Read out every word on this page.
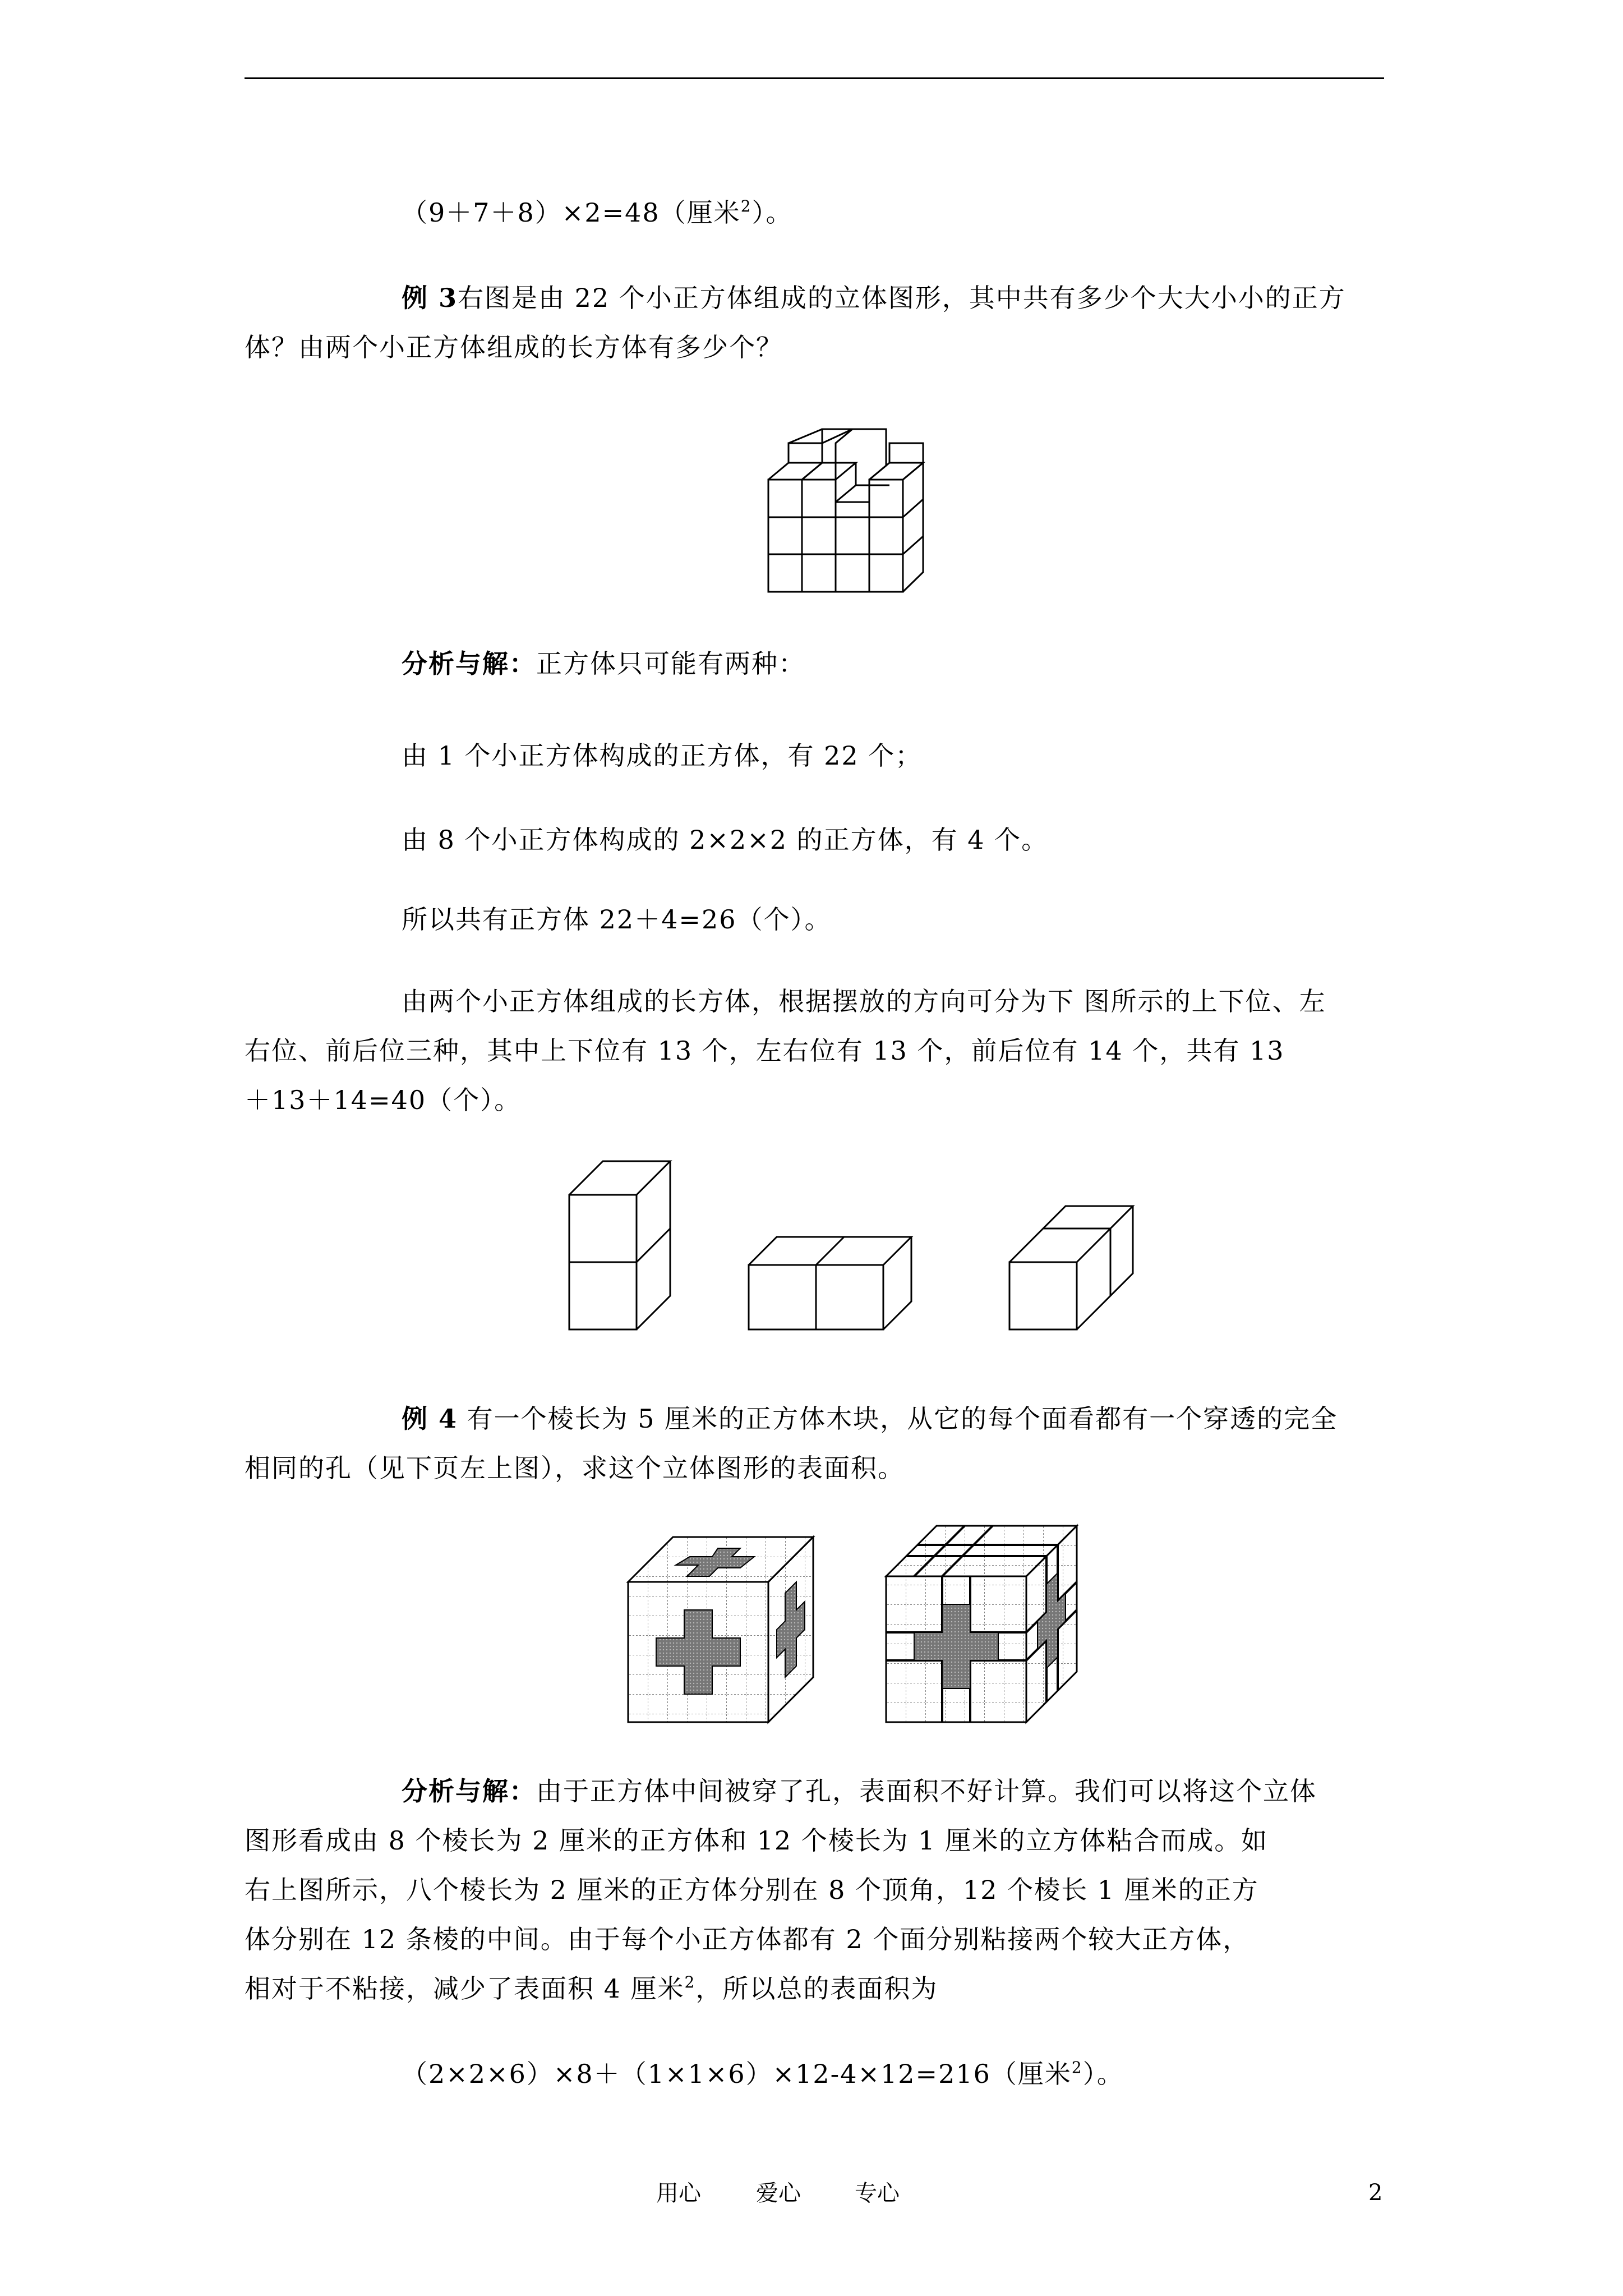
（9＋7＋8）×2=48（厘米$^2$）。

例 3右图是由 22 个小正方体组成的立体图形，其中共有多少个大大小小的正方

体？由两个小正方体组成的长方体有多少个？

分析与解：正方体只可能有两种：

由 1 个小正方体构成的正方体，有 22 个；

由 8 个小正方体构成的 2×2×2 的正方体，有 4 个。

所以共有正方体 22＋4=26（个）。

由两个小正方体组成的长方体，根据摆放的方向可分为下 图所示的上下位、左

右位、前后位三种，其中上下位有 13 个，左右位有 13 个，前后位有 14 个，共有 13

＋13＋14=40（个）。

例 4 有一个棱长为 5 厘米的正方体木块，从它的每个面看都有一个穿透的完全

相同的孔（见下页左上图），求这个立体图形的表面积。

分析与解：由于正方体中间被穿了孔，表面积不好计算。我们可以将这个立体

图形看成由 8 个棱长为 2 厘米的正方体和 12 个棱长为 1 厘米的立方体粘合而成。如

右上图所示，八个棱长为 2 厘米的正方体分别在 8 个顶角，12 个棱长 1 厘米的正方

体分别在 12 条棱的中间。由于每个小正方体都有 2 个面分别粘接两个较大正方体，

相对于不粘接，减少了表面积 4 厘米$^2$，所以总的表面积为

（2×2×6）×8＋（1×1×6）×12-4×12=216（厘米$^2$）。

用心 爱心 专心	2
